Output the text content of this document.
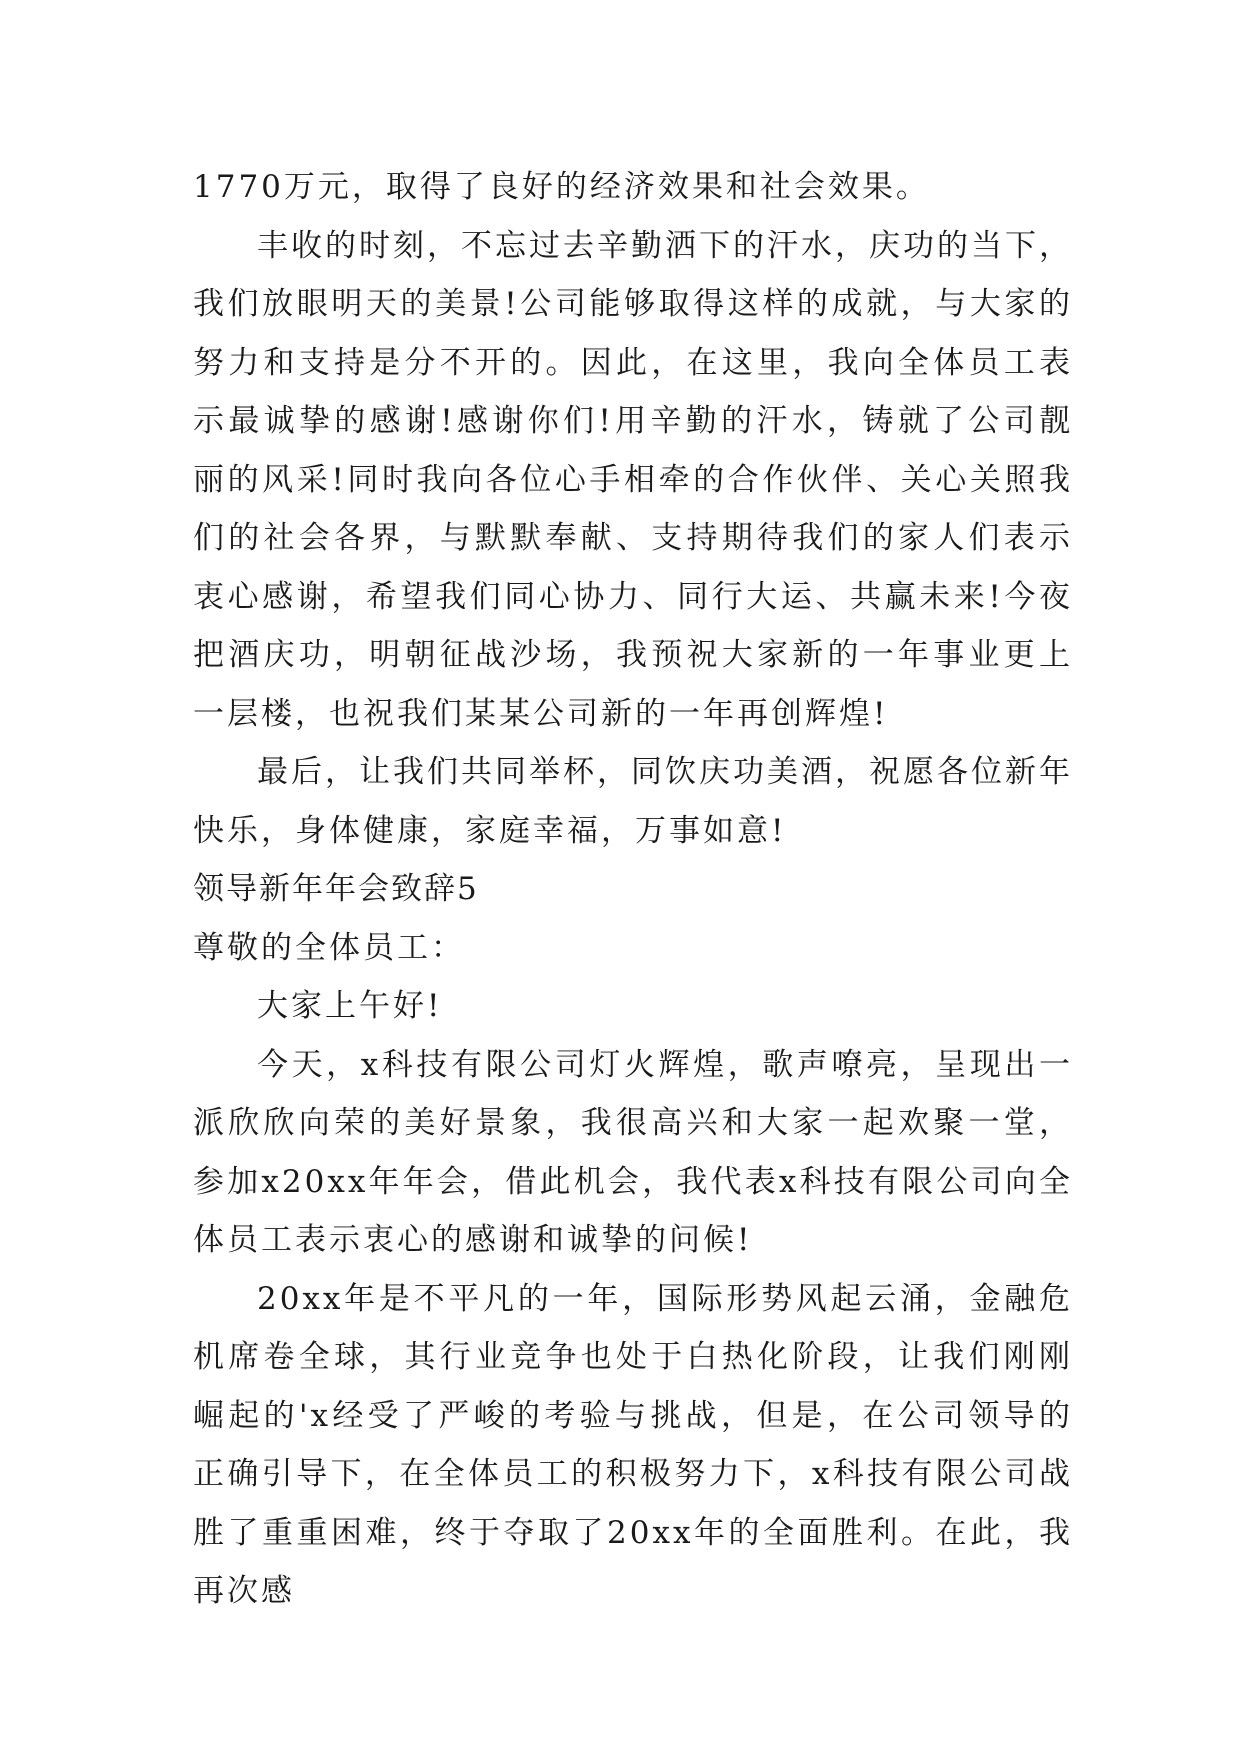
1770万元，取得了良好的经济效果和社会效果。

丰收的时刻，不忘过去辛勤洒下的汗水，庆功的当下，我们放眼明天的美景!公司能够取得这样的成就，与大家的努力和支持是分不开的。因此，在这里，我向全体员工表示最诚挚的感谢!感谢你们!用辛勤的汗水，铸就了公司靓丽的风采!同时我向各位心手相牵的合作伙伴、关心关照我们的社会各界，与默默奉献、支持期待我们的家人们表示衷心感谢，希望我们同心协力、同行大运、共赢未来!今夜把酒庆功，明朝征战沙场，我预祝大家新的一年事业更上一层楼，也祝我们某某公司新的一年再创辉煌!

最后，让我们共同举杯，同饮庆功美酒，祝愿各位新年快乐，身体健康，家庭幸福，万事如意!

领导新年年会致辞5

尊敬的全体员工：

大家上午好!

今天，x科技有限公司灯火辉煌，歌声嘹亮，呈现出一派欣欣向荣的美好景象，我很高兴和大家一起欢聚一堂，参加x20xx年年会，借此机会，我代表x科技有限公司向全体员工表示衷心的感谢和诚挚的问候!

20xx年是不平凡的一年，国际形势风起云涌，金融危机席卷全球，其行业竞争也处于白热化阶段，让我们刚刚崛起的'x经受了严峻的考验与挑战，但是，在公司领导的正确引导下，在全体员工的积极努力下，x科技有限公司战胜了重重困难，终于夺取了20xx年的全面胜利。在此，我再次感
